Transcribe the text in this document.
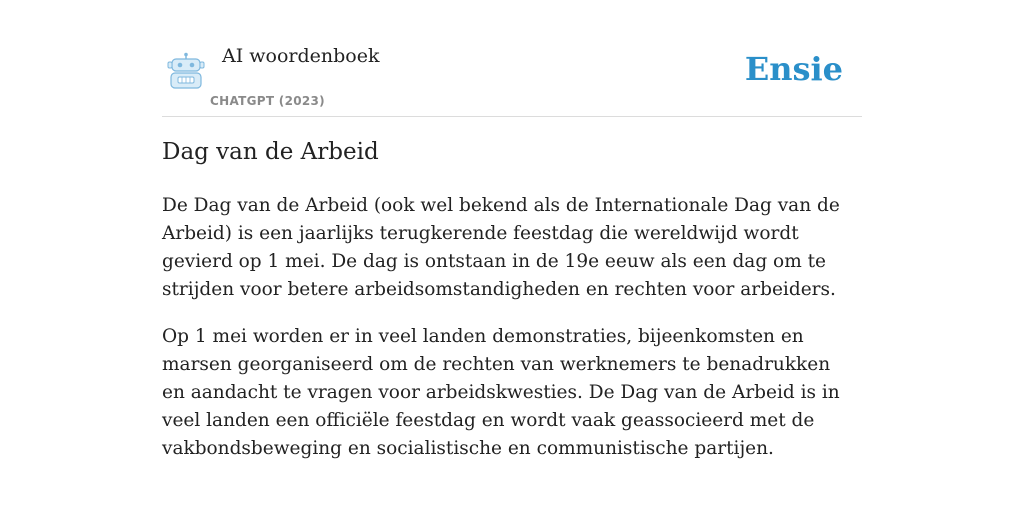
AI woordenboek
CHATGPT (2023)
Ensie
Dag van de Arbeid

De Dag van de Arbeid (ook wel bekend als de Internationale Dag van de Arbeid) is een jaarlijks terugkerende feestdag die wereldwijd wordt gevierd op 1 mei. De dag is ontstaan in de 19e eeuw als een dag om te strijden voor betere arbeidsomstandigheden en rechten voor arbeiders.

Op 1 mei worden er in veel landen demonstraties, bijeenkomsten en marsen georganiseerd om de rechten van werknemers te benadrukken en aandacht te vragen voor arbeidskwesties. De Dag van de Arbeid is in veel landen een officiële feestdag en wordt vaak geassocieerd met de vakbondsbeweging en socialistische en communistische partijen.
